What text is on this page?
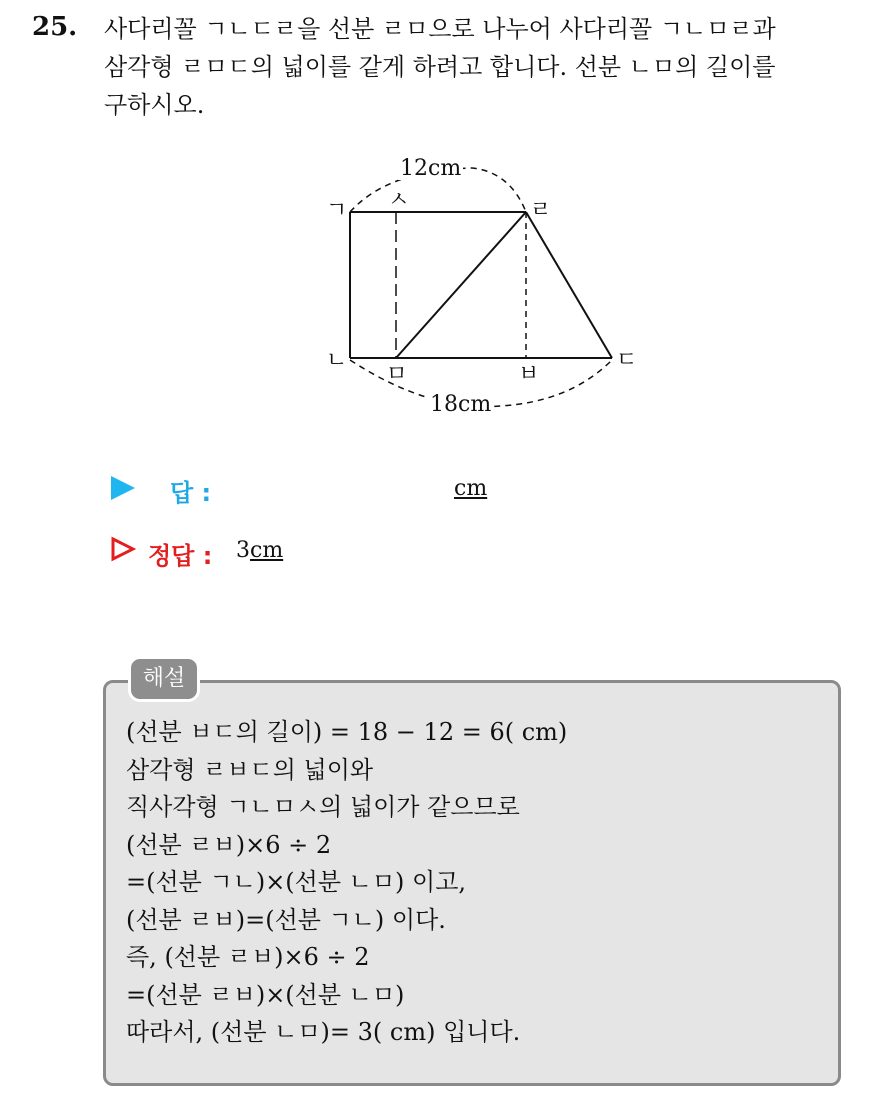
25. 사다리꼴 ㄱㄴㄷㄹ을 선분 ㄹㅁ으로 나누어 사다리꼴 ㄱㄴㅁㄹ과
삼각형 ㄹㅁㄷ의 넓이를 같게 하려고 합니다. 선분 ㄴㅁ의 길이를
구하시오.
12cm
18cm
ㄱ
ㄴ	ㄷ
ㄹ
ㅁ	ㅂ
ㅅ
답 :	cm
정답 : 3cm
해설
(선분 ㅂㄷ의 길이) = 18 − 12 = 6( cm)
삼각형 ㄹㅂㄷ의 넓이와
직사각형 ㄱㄴㅁㅅ의 넓이가 같으므로
(선분 ㄹㅂ)×6 ÷ 2
=(선분 ㄱㄴ)×(선분 ㄴㅁ) 이고,
(선분 ㄹㅂ)=(선분 ㄱㄴ) 이다.
즉, (선분 ㄹㅂ)×6 ÷ 2
=(선분 ㄹㅂ)×(선분 ㄴㅁ)
따라서, (선분 ㄴㅁ)= 3( cm) 입니다.
